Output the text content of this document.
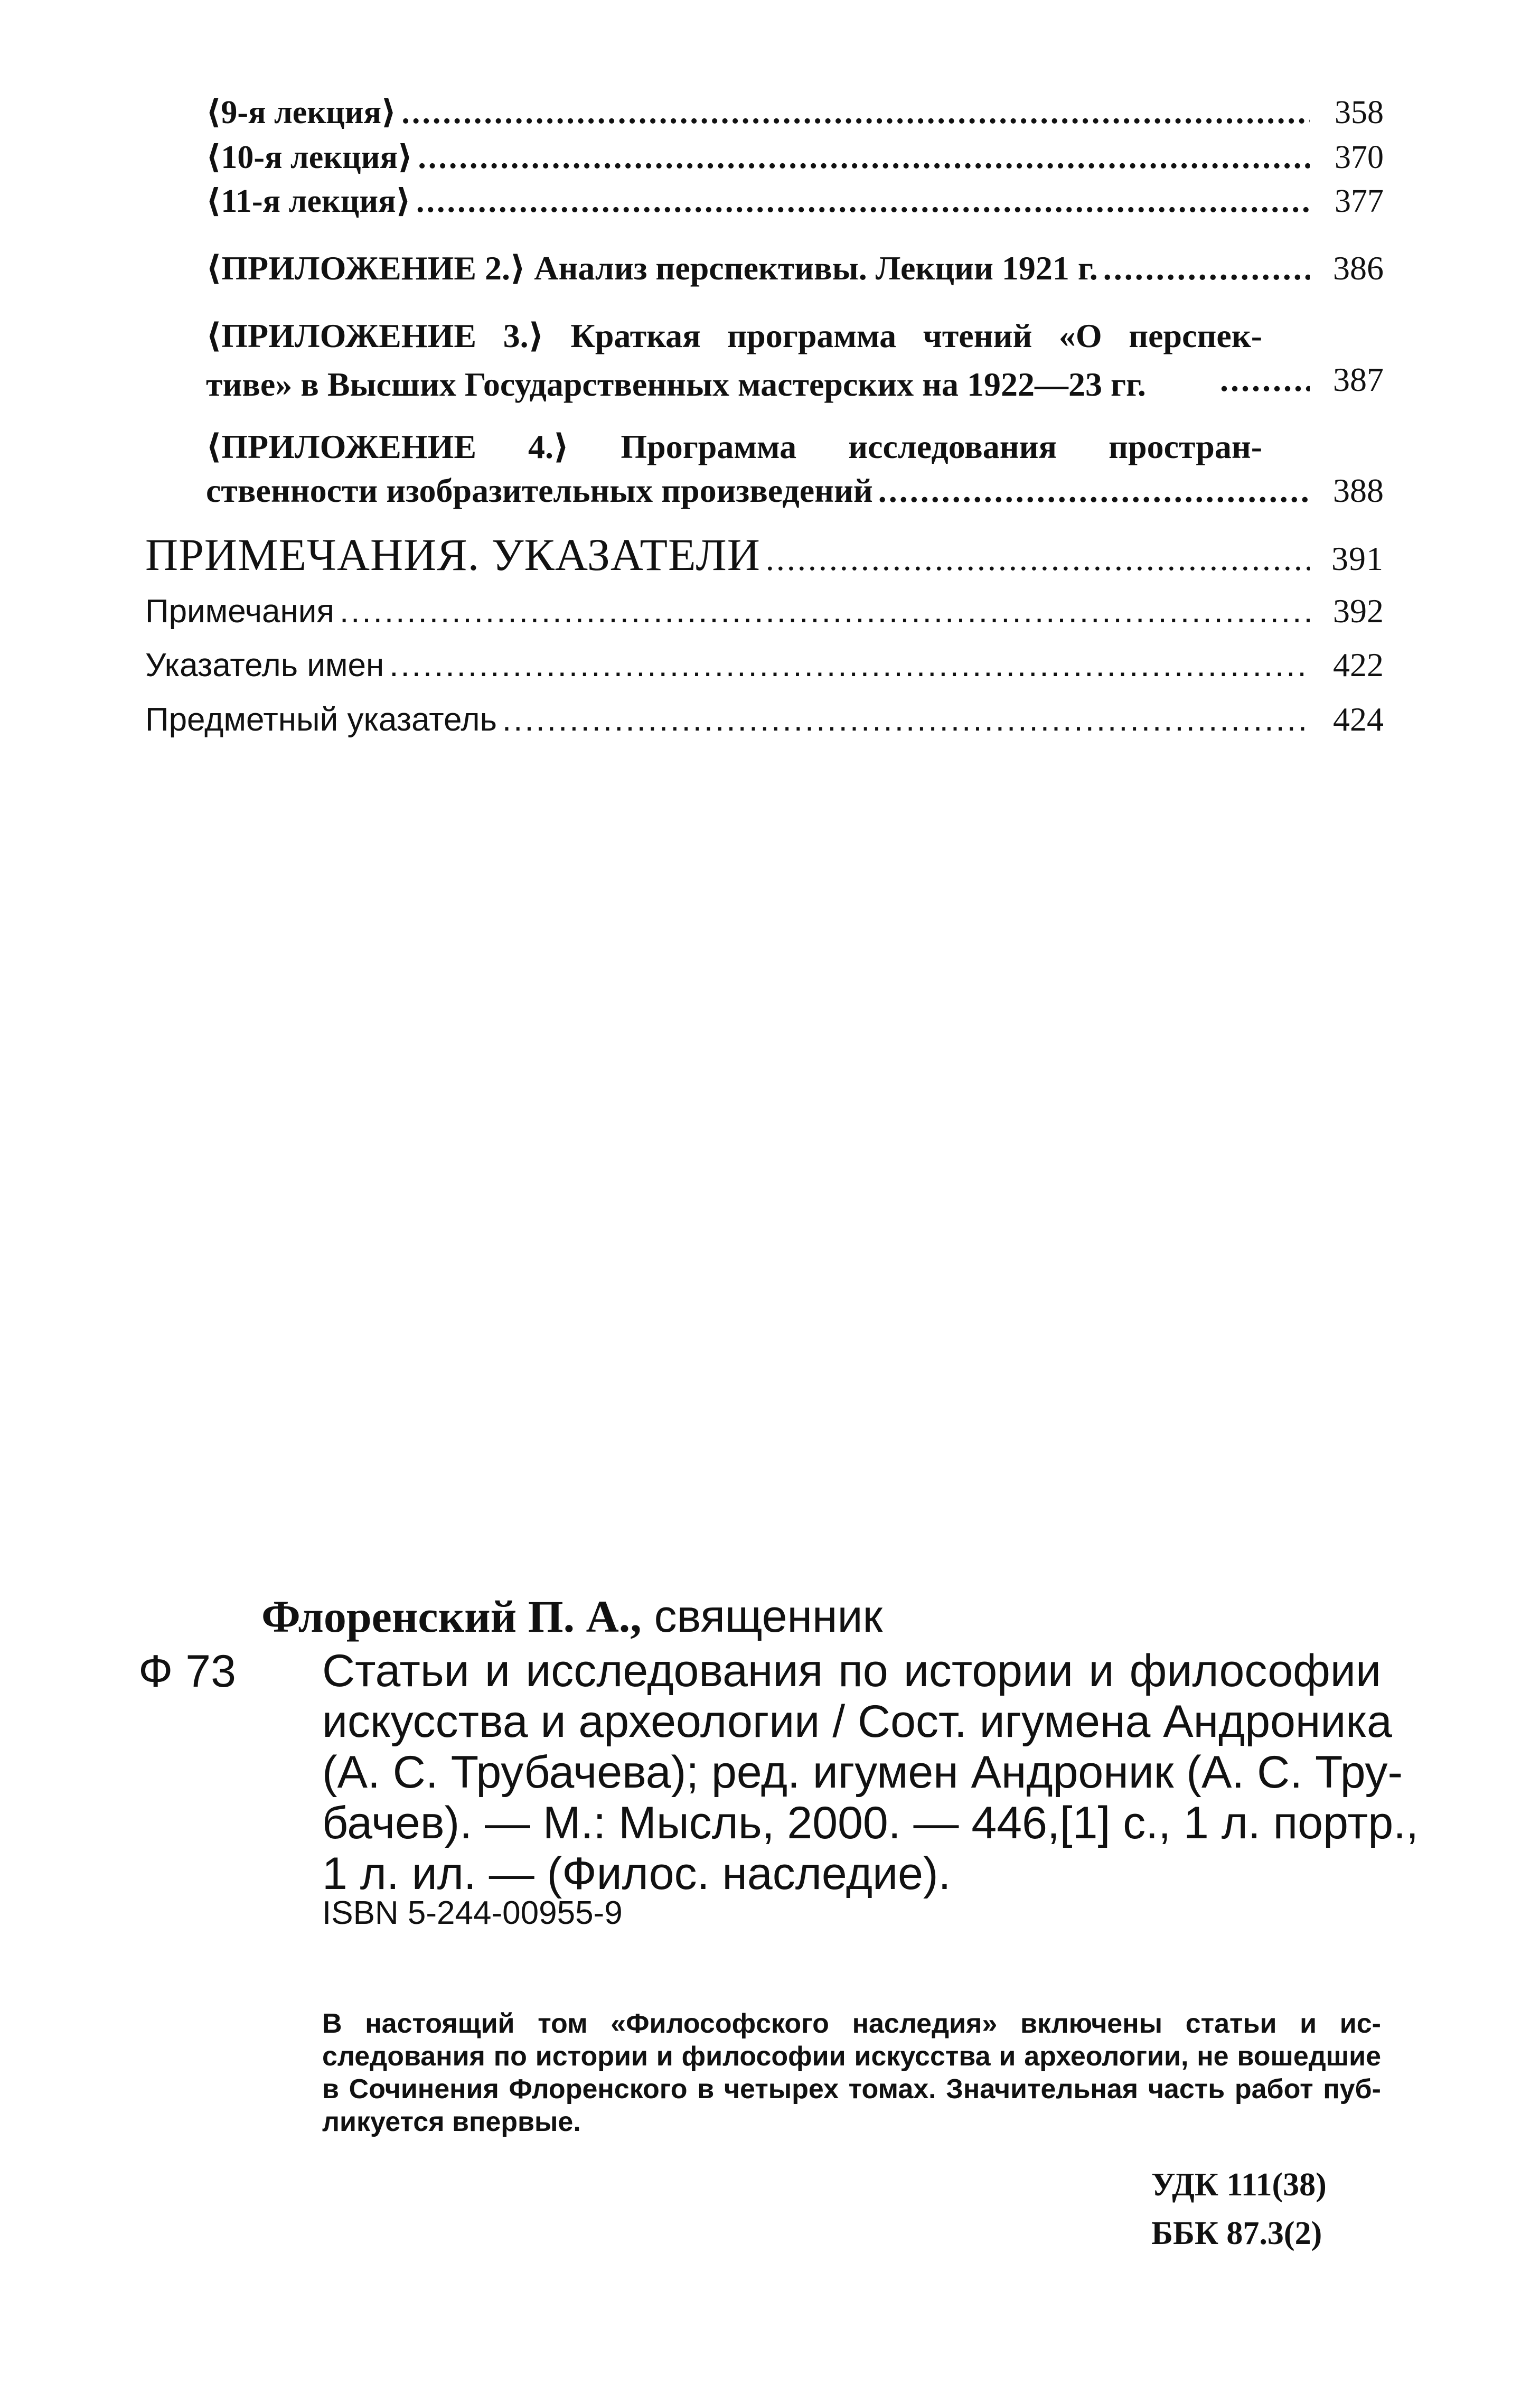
⟨9-я лекция⟩ .....	358
⟨10-я лекция⟩ .....	370
⟨11-я лекция⟩ .....	377
⟨ПРИЛОЖЕНИЕ 2.⟩ Анализ перспективы. Лекции 1921 г. .....	386
⟨ПРИЛОЖЕНИЕ 3.⟩ Краткая программа чтений «О перспек-
тиве» в Высших Государственных мастерских на 1922—23 гг. .....	387
⟨ПРИЛОЖЕНИЕ 4.⟩ Программа исследования простран-
ственности изобразительных произведений .....	388
ПРИМЕЧАНИЯ. УКАЗАТЕЛИ .....	391
Примечания .....	392
Указатель имен .....	422
Предметный указатель .....	424
Флоренский П. А., священник
Ф 73 Статьи и исследования по истории и философии
искусства и археологии / Сост. игумена Андроника
(А. С. Трубачева); ред. игумен Андроник (А. С. Тру-
бачев). — М.: Мысль, 2000. — 446,[1] с., 1 л. портр.,
1 л. ил. — (Филос. наследие).
ISBN 5-244-00955-9
В настоящий том «Философского наследия» включены статьи и ис-
следования по истории и философии искусства и археологии, не вошедшие
в Сочинения Флоренского в четырех томах. Значительная часть работ пуб-
ликуется впервые.
УДК 111(38)
ББК 87.3(2)
